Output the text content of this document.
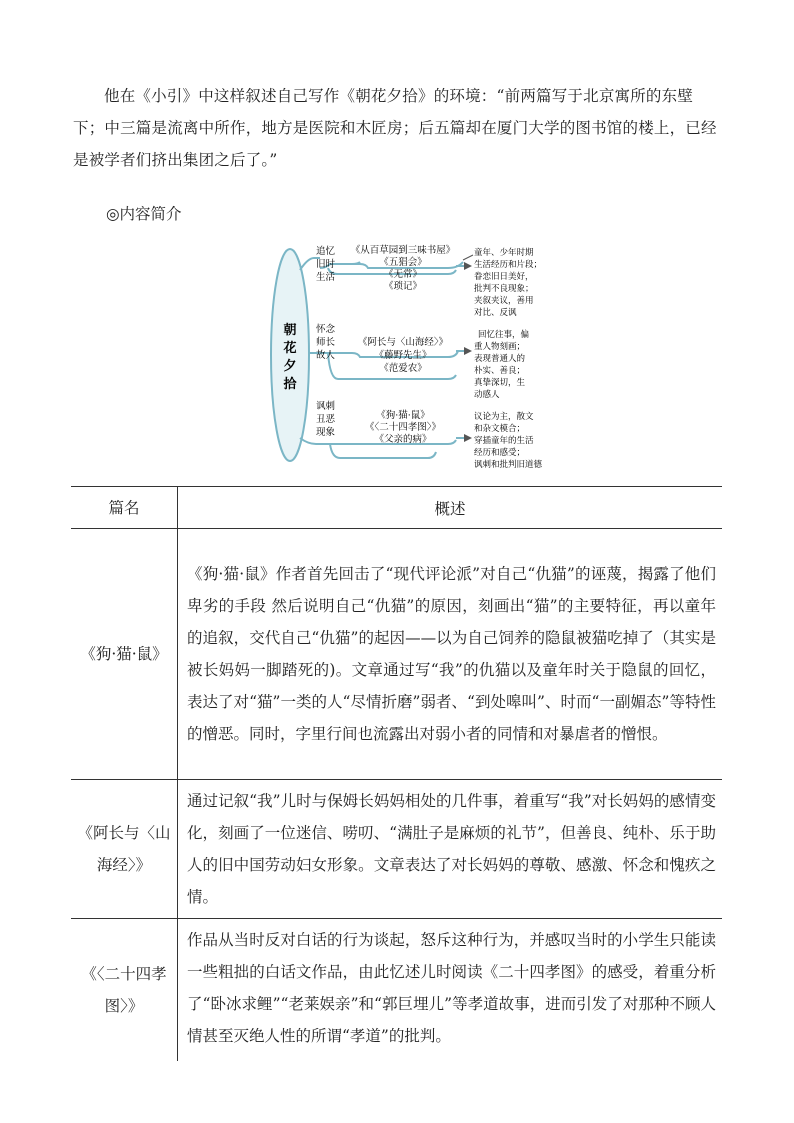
他在《小引》中这样叙述自己写作《朝花夕拾》的环境：“前两篇写于北京寓所的东壁下；中三篇是流离中所作，地方是医院和木匠房；后五篇却在厦门大学的图书馆的楼上，已经是被学者们挤出集团之后了。”

◎内容简介
朝
花
夕
拾
追忆
旧时
生活
《从百草园到三味书屋》
《五猖会》
《无常》
《琐记》
童年、少年时期
生活经历和片段；
眷恋旧日美好，
批判不良现象；
夹叙夹议，善用
对比、反讽
怀念
师长
故人
《阿长与〈山海经〉》
《藤野先生》
《范爱农》
回忆往事，偏
重人物刻画；
表现普通人的
朴实、善良；
真挚深切，生
动感人
讽刺
丑恶
现象
《狗·猫·鼠》
《〈二十四孝图〉》
《父亲的病》
议论为主，散文
和杂文模合；
穿插童年的生活
经历和感受；
讽刺和批判旧道德
篇名	概述
《狗·猫·鼠》	《狗·猫·鼠》作者首先回击了“现代评论派”对自己“仇猫”的诬蔑，揭露了他们卑劣的手段 然后说明自己“仇猫”的原因，刻画出“猫”的主要特征，再以童年的追叙，交代自己“仇猫”的起因——以为自己饲养的隐鼠被猫吃掉了（其实是被长妈妈一脚踏死的)。文章通过写“我”的仇猫以及童年时关于隐鼠的回忆，表达了对“猫”一类的人“尽情折磨”弱者、“到处嗥叫”、时而“一副媚态”等特性的憎恶。同时，字里行间也流露出对弱小者的同情和对暴虐者的憎恨。
《阿长与〈山海经〉》	通过记叙“我”儿时与保姆长妈妈相处的几件事，着重写“我”对长妈妈的感情变化，刻画了一位迷信、唠叨、“满肚子是麻烦的礼节”，但善良、纯朴、乐于助人的旧中国劳动妇女形象。文章表达了对长妈妈的尊敬、感激、怀念和愧疚之情。
《〈二十四孝图〉》	作品从当时反对白话的行为谈起，怒斥这种行为，并感叹当时的小学生只能读一些粗拙的白话文作品，由此忆述儿时阅读《二十四孝图》的感受，着重分析了“卧冰求鲤”“老莱娱亲”和“郭巨埋儿”等孝道故事，进而引发了对那种不顾人情甚至灭绝人性的所谓“孝道”的批判。
